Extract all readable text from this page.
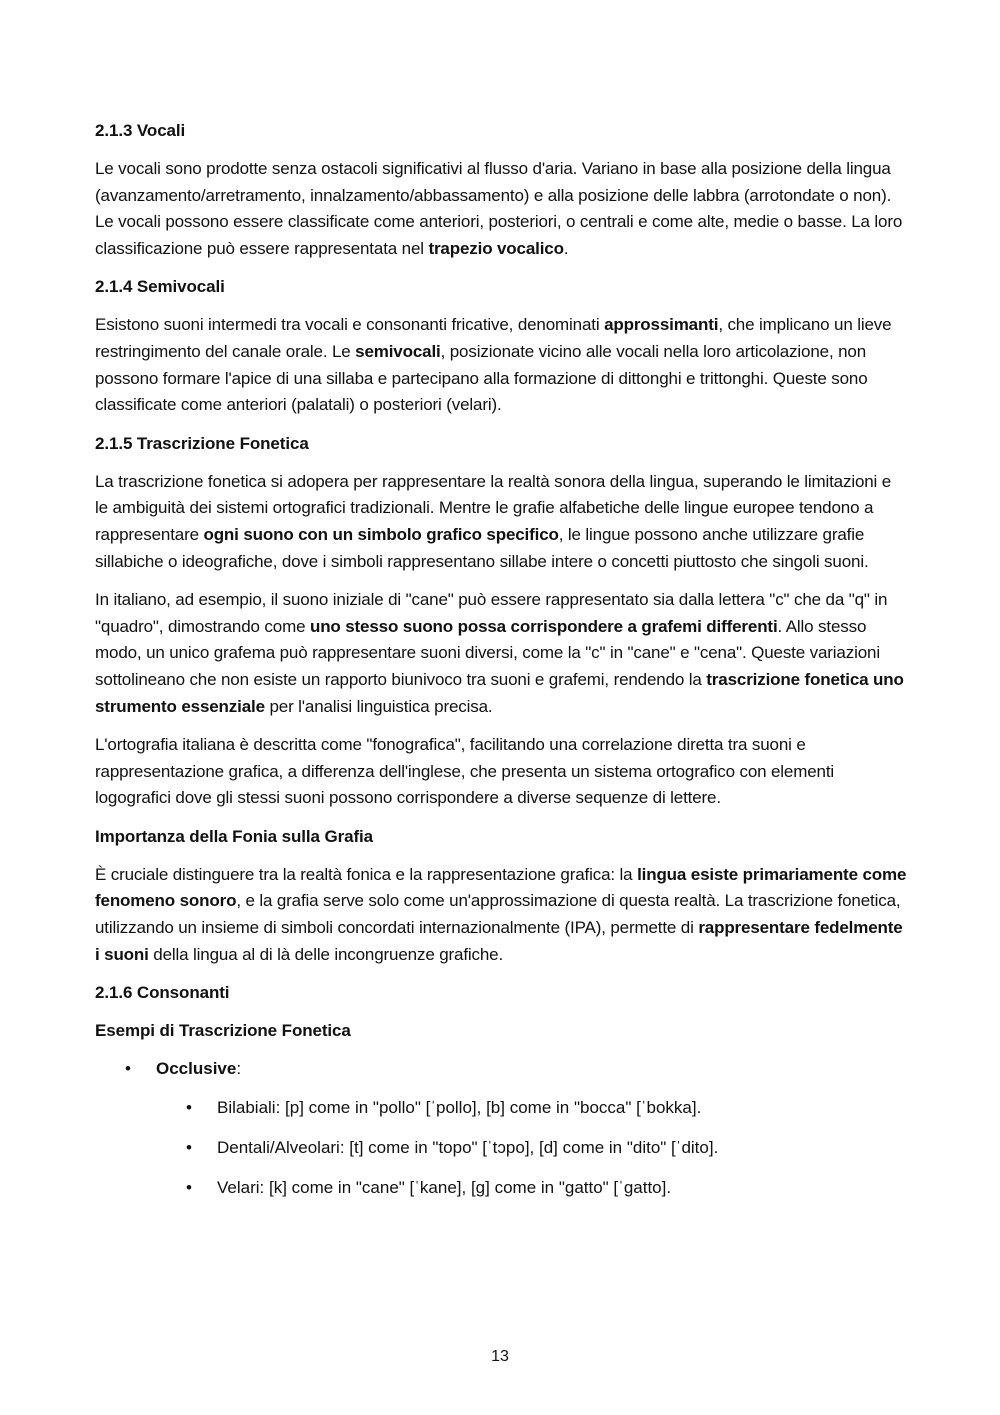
2.1.3 Vocali

Le vocali sono prodotte senza ostacoli significativi al flusso d'aria. Variano in base alla posizione della lingua (avanzamento/arretramento, innalzamento/abbassamento) e alla posizione delle labbra (arrotondate o non). Le vocali possono essere classificate come anteriori, posteriori, o centrali e come alte, medie o basse. La loro classificazione può essere rappresentata nel trapezio vocalico.

2.1.4 Semivocali

Esistono suoni intermedi tra vocali e consonanti fricative, denominati approssimanti, che implicano un lieve restringimento del canale orale. Le semivocali, posizionate vicino alle vocali nella loro articolazione, non possono formare l'apice di una sillaba e partecipano alla formazione di dittonghi e trittonghi. Queste sono classificate come anteriori (palatali) o posteriori (velari).

2.1.5 Trascrizione Fonetica

La trascrizione fonetica si adopera per rappresentare la realtà sonora della lingua, superando le limitazioni e le ambiguità dei sistemi ortografici tradizionali. Mentre le grafie alfabetiche delle lingue europee tendono a rappresentare ogni suono con un simbolo grafico specifico, le lingue possono anche utilizzare grafie sillabiche o ideografiche, dove i simboli rappresentano sillabe intere o concetti piuttosto che singoli suoni.

In italiano, ad esempio, il suono iniziale di "cane" può essere rappresentato sia dalla lettera "c" che da "q" in "quadro", dimostrando come uno stesso suono possa corrispondere a grafemi differenti. Allo stesso modo, un unico grafema può rappresentare suoni diversi, come la "c" in "cane" e "cena". Queste variazioni sottolineano che non esiste un rapporto biunivoco tra suoni e grafemi, rendendo la trascrizione fonetica uno strumento essenziale per l'analisi linguistica precisa.

L'ortografia italiana è descritta come "fonografica", facilitando una correlazione diretta tra suoni e rappresentazione grafica, a differenza dell'inglese, che presenta un sistema ortografico con elementi logografici dove gli stessi suoni possono corrispondere a diverse sequenze di lettere.

Importanza della Fonia sulla Grafia

È cruciale distinguere tra la realtà fonica e la rappresentazione grafica: la lingua esiste primariamente come fenomeno sonoro, e la grafia serve solo come un'approssimazione di questa realtà. La trascrizione fonetica, utilizzando un insieme di simboli concordati internazionalmente (IPA), permette di rappresentare fedelmente i suoni della lingua al di là delle incongruenze grafiche.

2.1.6 Consonanti
Esempi di Trascrizione Fonetica
• Occlusive:
• Bilabiali: [p] come in "pollo" [ˈpollo], [b] come in "bocca" [ˈbokka].
• Dentali/Alveolari: [t] come in "topo" [ˈtɔpo], [d] come in "dito" [ˈdito].
• Velari: [k] come in "cane" [ˈkane], [g] come in "gatto" [ˈgatto].
13
